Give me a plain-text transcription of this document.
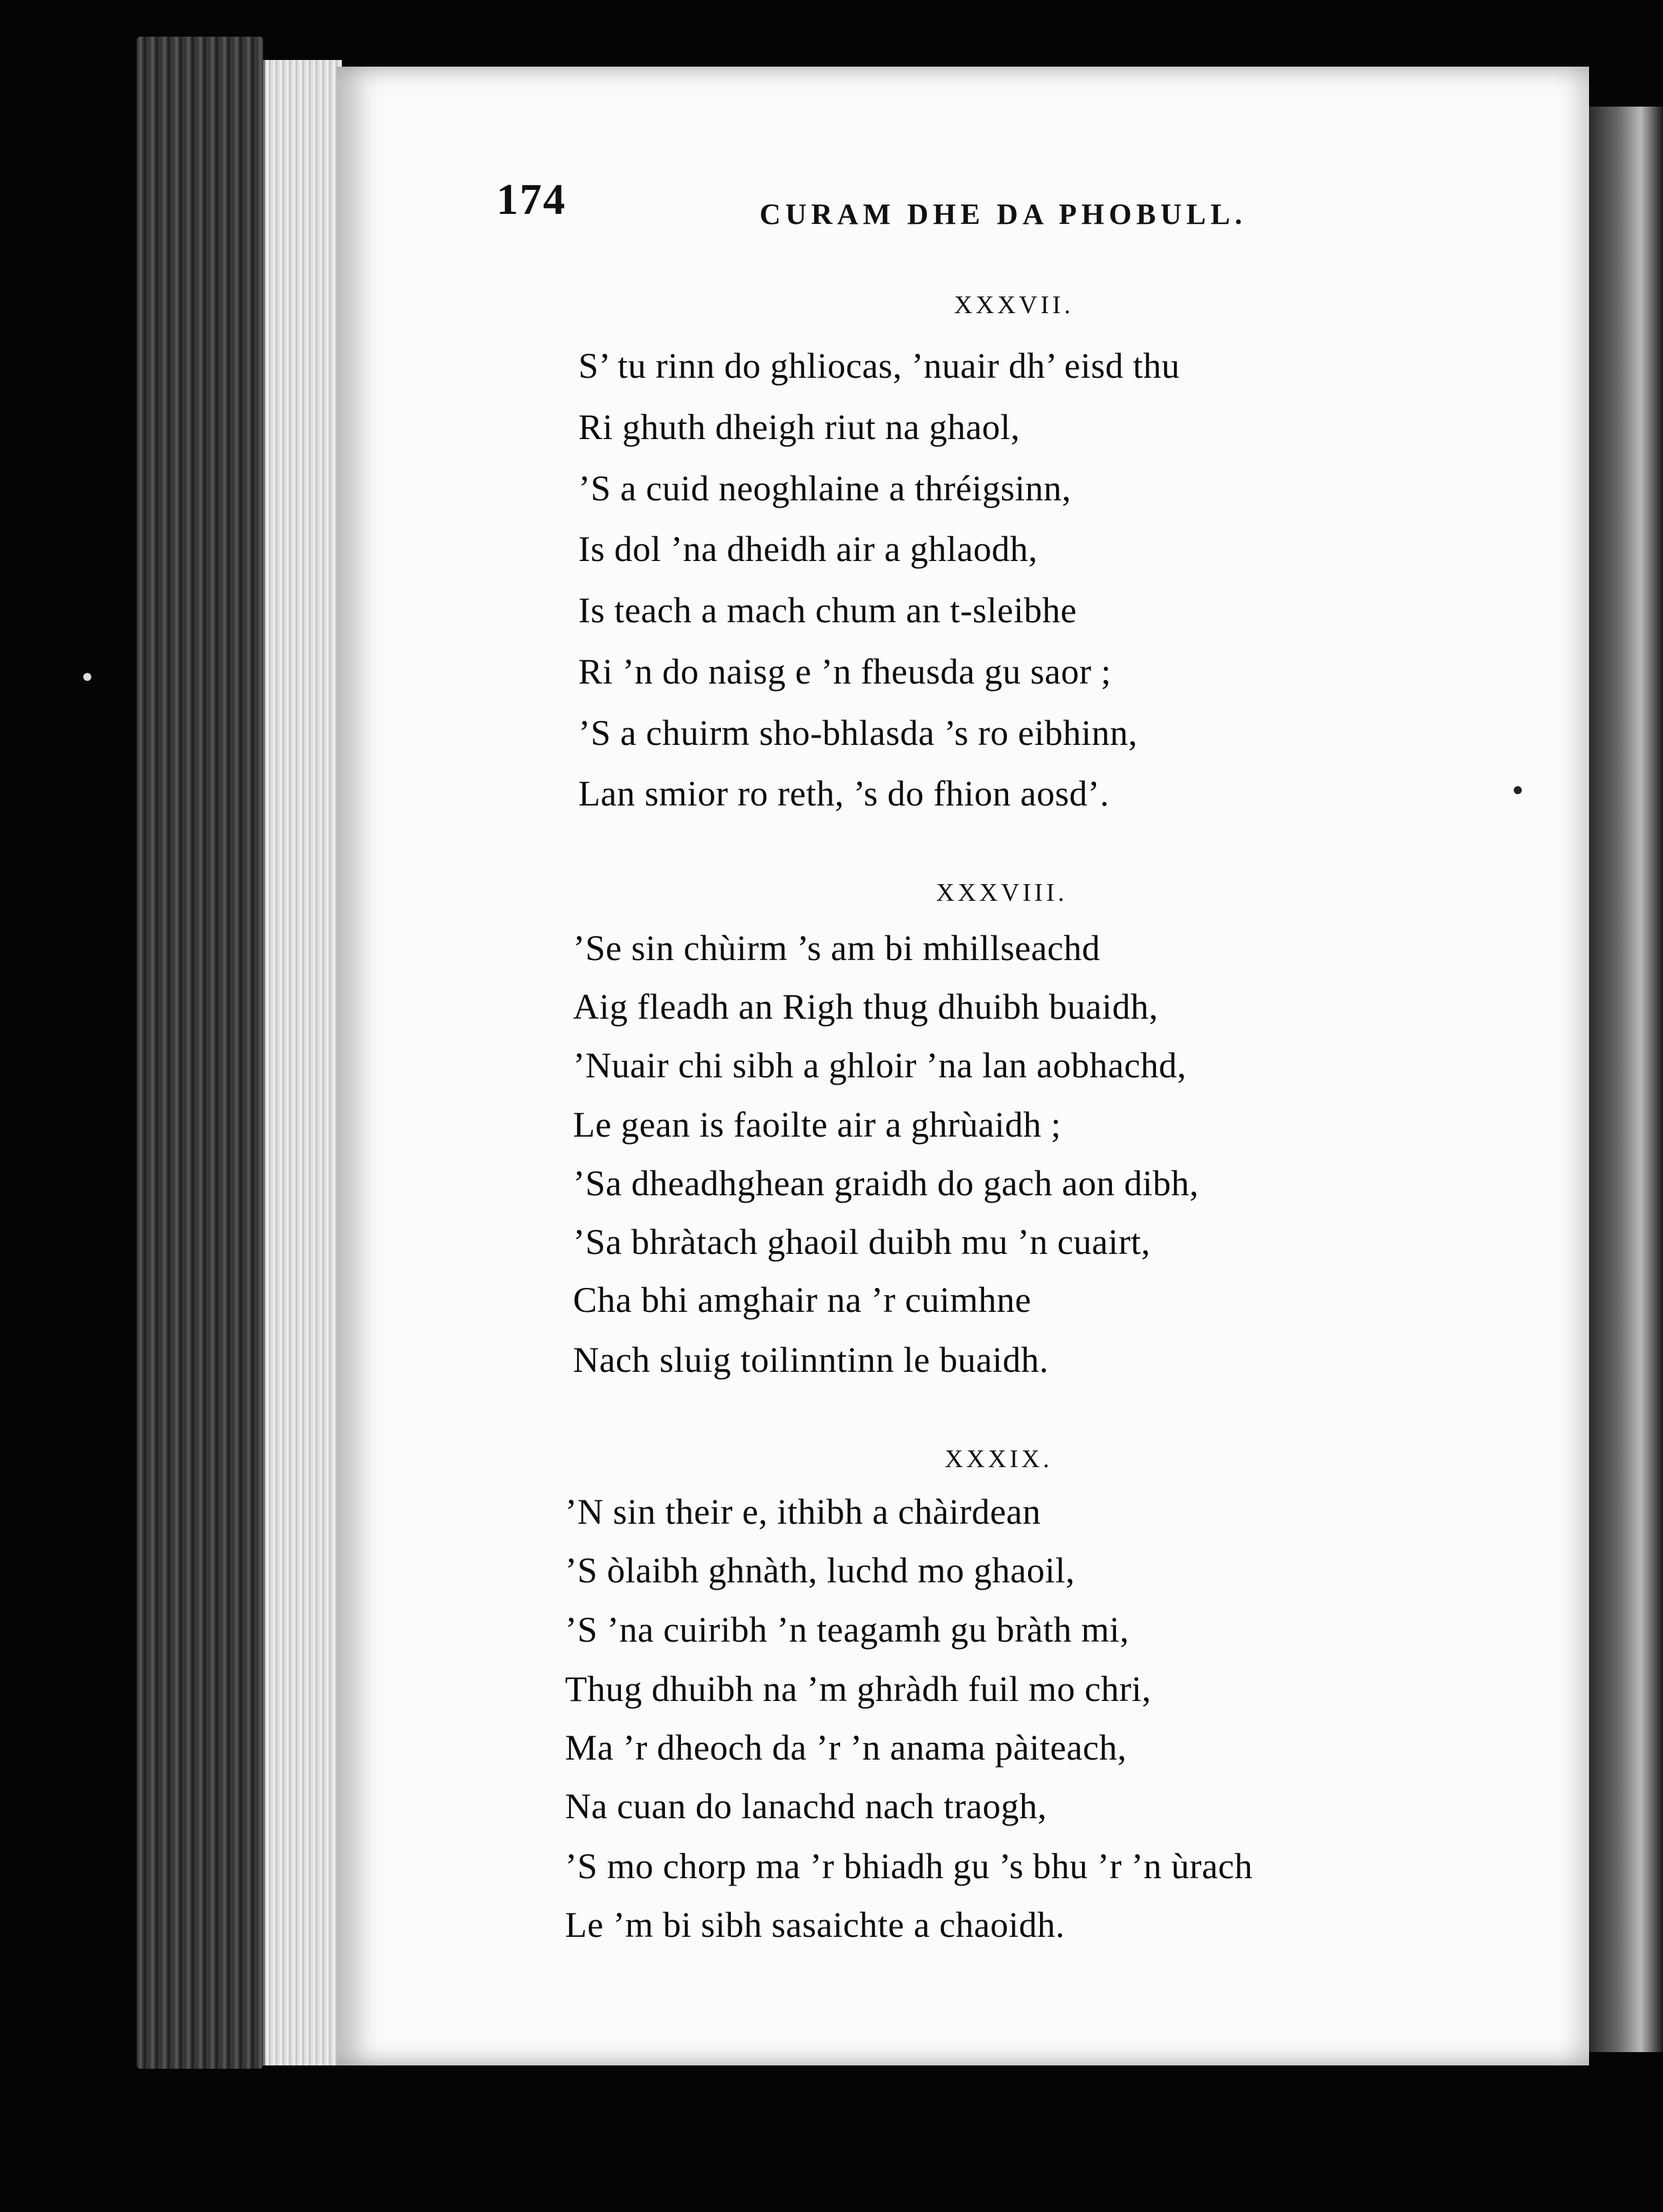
174	CURAM DHE DA PHOBULL.
XXXVII.
S’ tu rinn do ghliocas, ’nuair dh’ eisd thu
Ri ghuth dheigh riut na ghaol,
’S a cuid neoghlaine a thréigsinn,
Is dol ’na dheidh air a ghlaodh,
Is teach a mach chum an t-sleibhe
Ri ’n do naisg e ’n fheusda gu saor ;
’S a chuirm sho-bhlasda ’s ro eibhinn,
Lan smior ro reth, ’s do fhion aosd’.
XXXVIII.
’Se sin chùirm ’s am bi mhillseachd
Aig fleadh an Righ thug dhuibh buaidh,
’Nuair chi sibh a ghloir ’na lan aobhachd,
Le gean is faoilte air a ghrùaidh ;
’Sa dheadhghean graidh do gach aon dibh,
’Sa bhràtach ghaoil duibh mu ’n cuairt,
Cha bhi amghair na ’r cuimhne
Nach sluig toilinntinn le buaidh.
XXXIX.
’N sin their e, ithibh a chàirdean
’S òlaibh ghnàth, luchd mo ghaoil,
’S ’na cuiribh ’n teagamh gu bràth mi,
Thug dhuibh na ’m ghràdh fuil mo chri,
Ma ’r dheoch da ’r ’n anama pàiteach,
Na cuan do lanachd nach traogh,
’S mo chorp ma ’r bhiadh gu ’s bhu ’r ’n ùrach
Le ’m bi sibh sasaichte a chaoidh.
